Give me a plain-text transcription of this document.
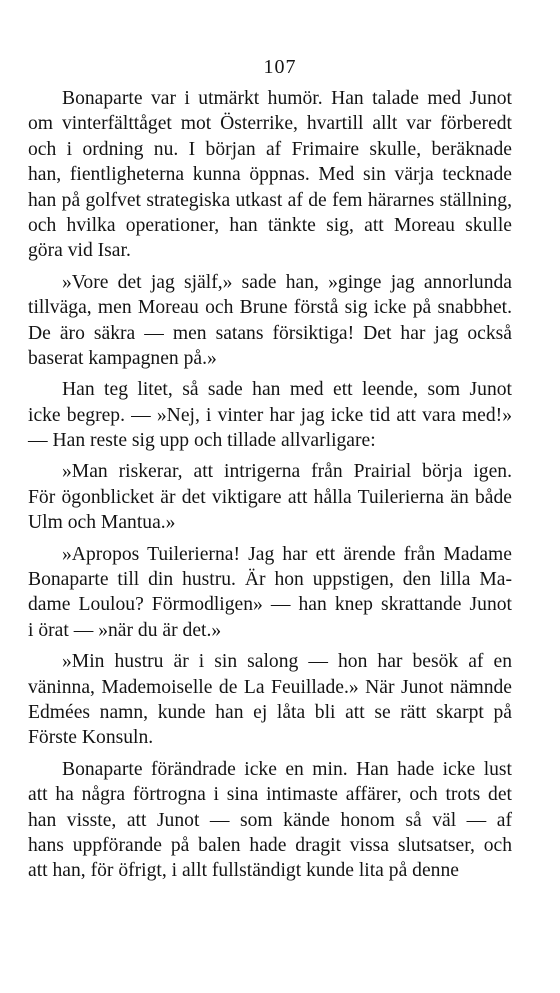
107
Bonaparte var i utmärkt humör. Han talade med Junot
om vinterfälttåget mot Österrike, hvartill allt var förberedt
och i ordning nu. I början af Frimaire skulle, beräknade
han, fientligheterna kunna öppnas. Med sin värja tecknade
han på golfvet strategiska utkast af de fem härarnes ställning,
och hvilka operationer, han tänkte sig, att Moreau skulle
göra vid Isar.
»Vore det jag själf,» sade han, »ginge jag annorlunda
tillväga, men Moreau och Brune förstå sig icke på snabbhet.
De äro säkra — men satans försiktiga! Det har jag också
baserat kampagnen på.»
Han teg litet, så sade han med ett leende, som Junot
icke begrep. — »Nej, i vinter har jag icke tid att vara med!»
— Han reste sig upp och tillade allvarligare:
»Man riskerar, att intrigerna från Prairial börja igen.
För ögonblicket är det viktigare att hålla Tuilerierna än både
Ulm och Mantua.»
»Apropos Tuilerierna! Jag har ett ärende från Madame
Bonaparte till din hustru. Är hon uppstigen, den lilla Ma-
dame Loulou? Förmodligen» — han knep skrattande Junot
i örat — »när du är det.»
»Min hustru är i sin salong — hon har besök af en
väninna, Mademoiselle de La Feuillade.» När Junot nämnde
Edmées namn, kunde han ej låta bli att se rätt skarpt på
Förste Konsuln.
Bonaparte förändrade icke en min. Han hade icke lust
att ha några förtrogna i sina intimaste affärer, och trots det
han visste, att Junot — som kände honom så väl — af
hans uppförande på balen hade dragit vissa slutsatser, och
att han, för öfrigt, i allt fullständigt kunde lita på denne
